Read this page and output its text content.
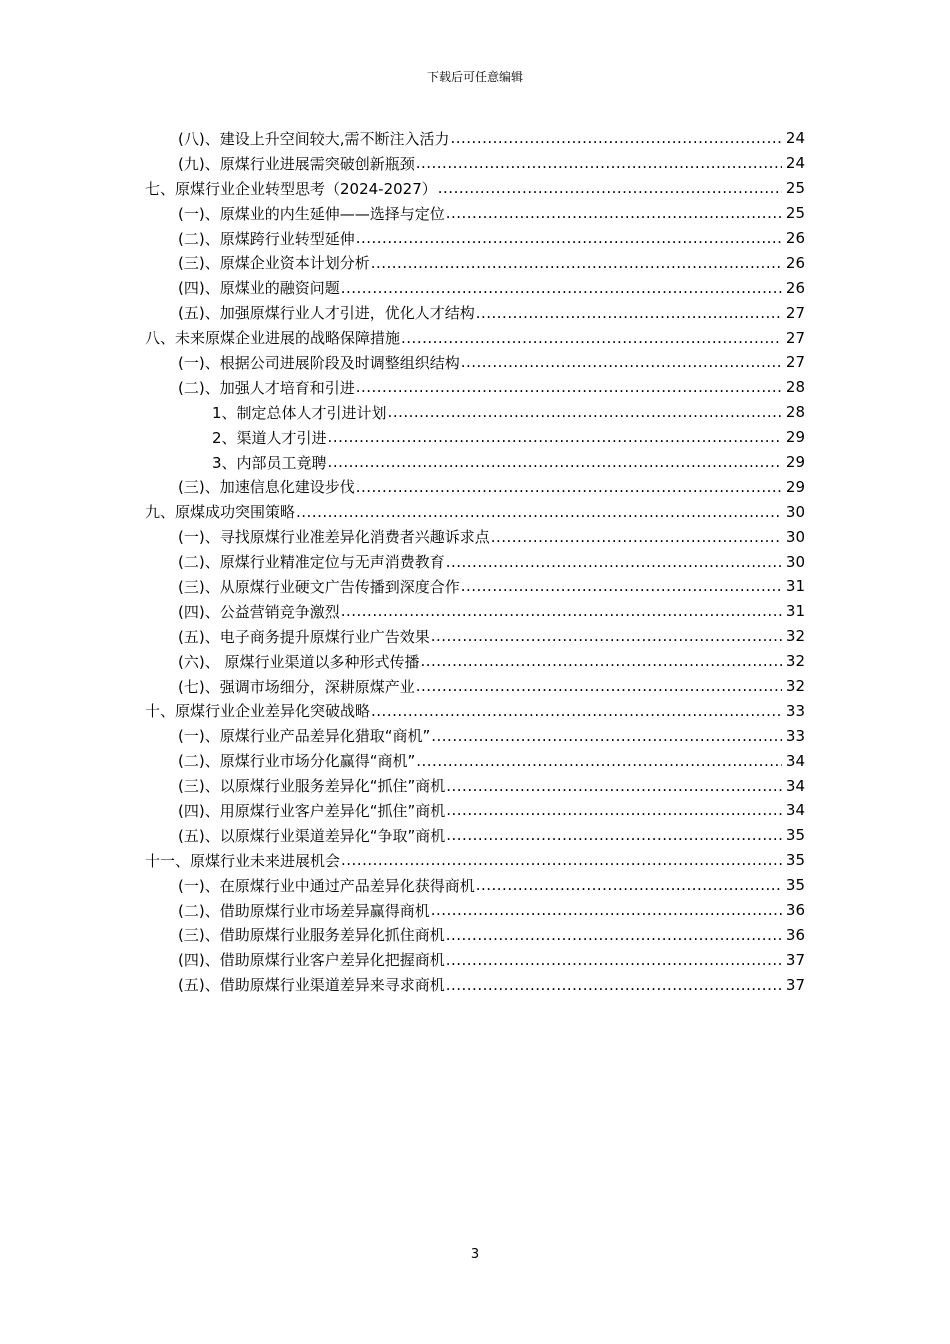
下载后可任意编辑
(八)、建设上升空间较大,需不断注入活力 .....	24
(九)、原煤行业进展需突破创新瓶颈 .....	24
七、原煤行业企业转型思考（2024-2027） .....	25
(一)、原煤业的内生延伸——选择与定位 .....	25
(二)、原煤跨行业转型延伸 .....	26
(三)、原煤企业资本计划分析 .....	26
(四)、原煤业的融资问题 .....	26
(五)、加强原煤行业人才引进，优化人才结构 .....	27
八、未来原煤企业进展的战略保障措施 .....	27
(一)、根据公司进展阶段及时调整组织结构 .....	27
(二)、加强人才培育和引进 .....	28
1、制定总体人才引进计划 .....	28
2、渠道人才引进 .....	29
3、内部员工竟聘 .....	29
(三)、加速信息化建设步伐 .....	29
九、原煤成功突围策略 .....	30
(一)、寻找原煤行业准差异化消费者兴趣诉求点 .....	30
(二)、原煤行业精准定位与无声消费教育 .....	30
(三)、从原煤行业硬文广告传播到深度合作 .....	31
(四)、公益营销竞争激烈 .....	31
(五)、电子商务提升原煤行业广告效果 .....	32
(六)、 原煤行业渠道以多种形式传播 .....	32
(七)、强调市场细分，深耕原煤产业 .....	32
十、原煤行业企业差异化突破战略 .....	33
(一)、原煤行业产品差异化猎取“商机” .....	33
(二)、原煤行业市场分化赢得“商机” .....	34
(三)、以原煤行业服务差异化“抓住”商机 .....	34
(四)、用原煤行业客户差异化“抓住”商机 .....	34
(五)、以原煤行业渠道差异化“争取”商机 .....	35
十一、原煤行业未来进展机会 .....	35
(一)、在原煤行业中通过产品差异化获得商机 .....	35
(二)、借助原煤行业市场差异赢得商机 .....	36
(三)、借助原煤行业服务差异化抓住商机 .....	36
(四)、借助原煤行业客户差异化把握商机 .....	37
(五)、借助原煤行业渠道差异来寻求商机 .....	37
3
